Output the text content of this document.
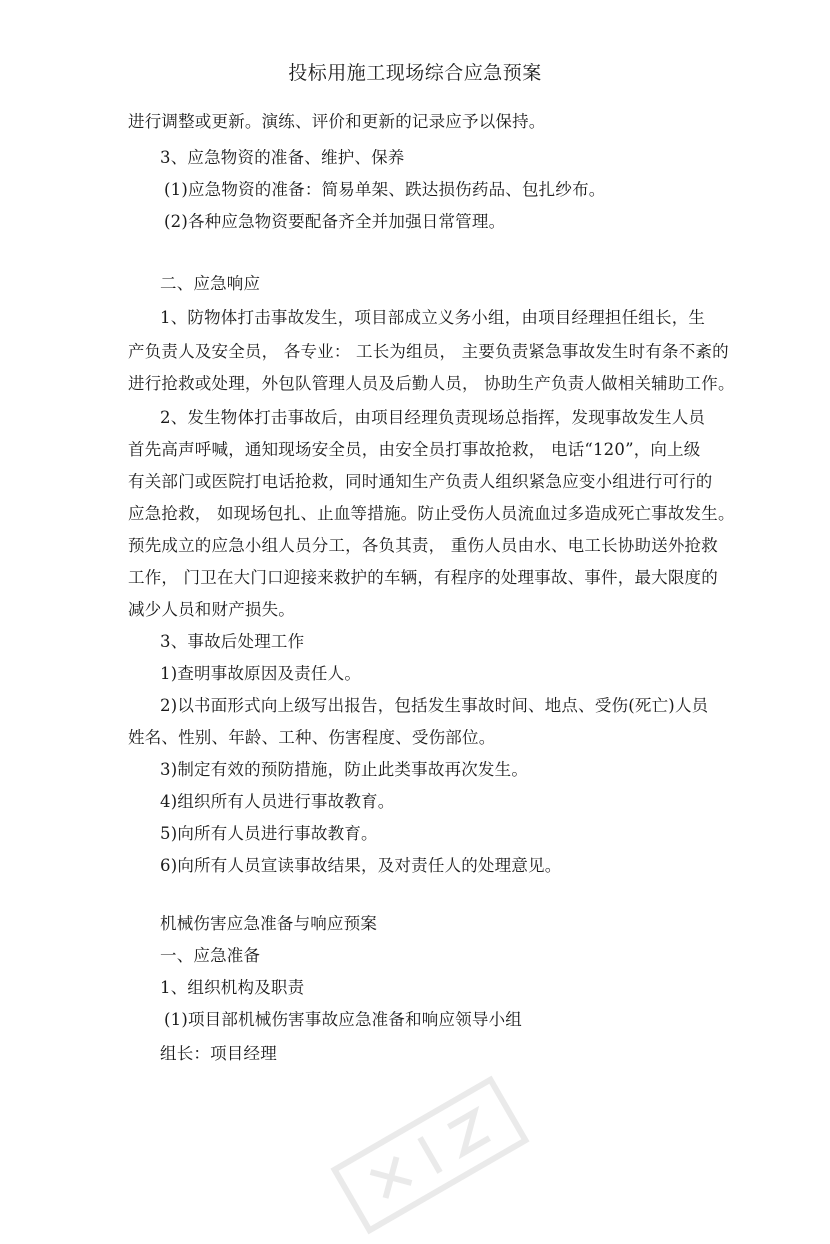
投标用施工现场综合应急预案
进行调整或更新。演练、评价和更新的记录应予以保持。
3、应急物资的准备、维护、保养
(1)应急物资的准备：简易单架、跌达损伤药品、包扎纱布。
(2)各种应急物资要配备齐全并加强日常管理。
二、应急响应
1、防物体打击事故发生，项目部成立义务小组，由项目经理担任组长，生
产负责人及安全员， 各专业： 工长为组员， 主要负责紧急事故发生时有条不紊的
进行抢救或处理，外包队管理人员及后勤人员， 协助生产负责人做相关辅助工作。
2、发生物体打击事故后，由项目经理负责现场总指挥，发现事故发生人员
首先高声呼喊，通知现场安全员，由安全员打事故抢救， 电话“120”，向上级
有关部门或医院打电话抢救，同时通知生产负责人组织紧急应变小组进行可行的
应急抢救， 如现场包扎、止血等措施。防止受伤人员流血过多造成死亡事故发生。
预先成立的应急小组人员分工，各负其责， 重伤人员由水、电工长协助送外抢救
工作， 门卫在大门口迎接来救护的车辆，有程序的处理事故、事件，最大限度的
减少人员和财产损失。
3、事故后处理工作
1)查明事故原因及责任人。
2)以书面形式向上级写出报告，包括发生事故时间、地点、受伤(死亡)人员
姓名、性别、年龄、工种、伤害程度、受伤部位。
3)制定有效的预防措施，防止此类事故再次发生。
4)组织所有人员进行事故教育。
5)向所有人员进行事故教育。
6)向所有人员宣读事故结果，及对责任人的处理意见。
机械伤害应急准备与响应预案
一、应急准备
1、组织机构及职责
(1)项目部机械伤害事故应急准备和响应领导小组
组长：项目经理
